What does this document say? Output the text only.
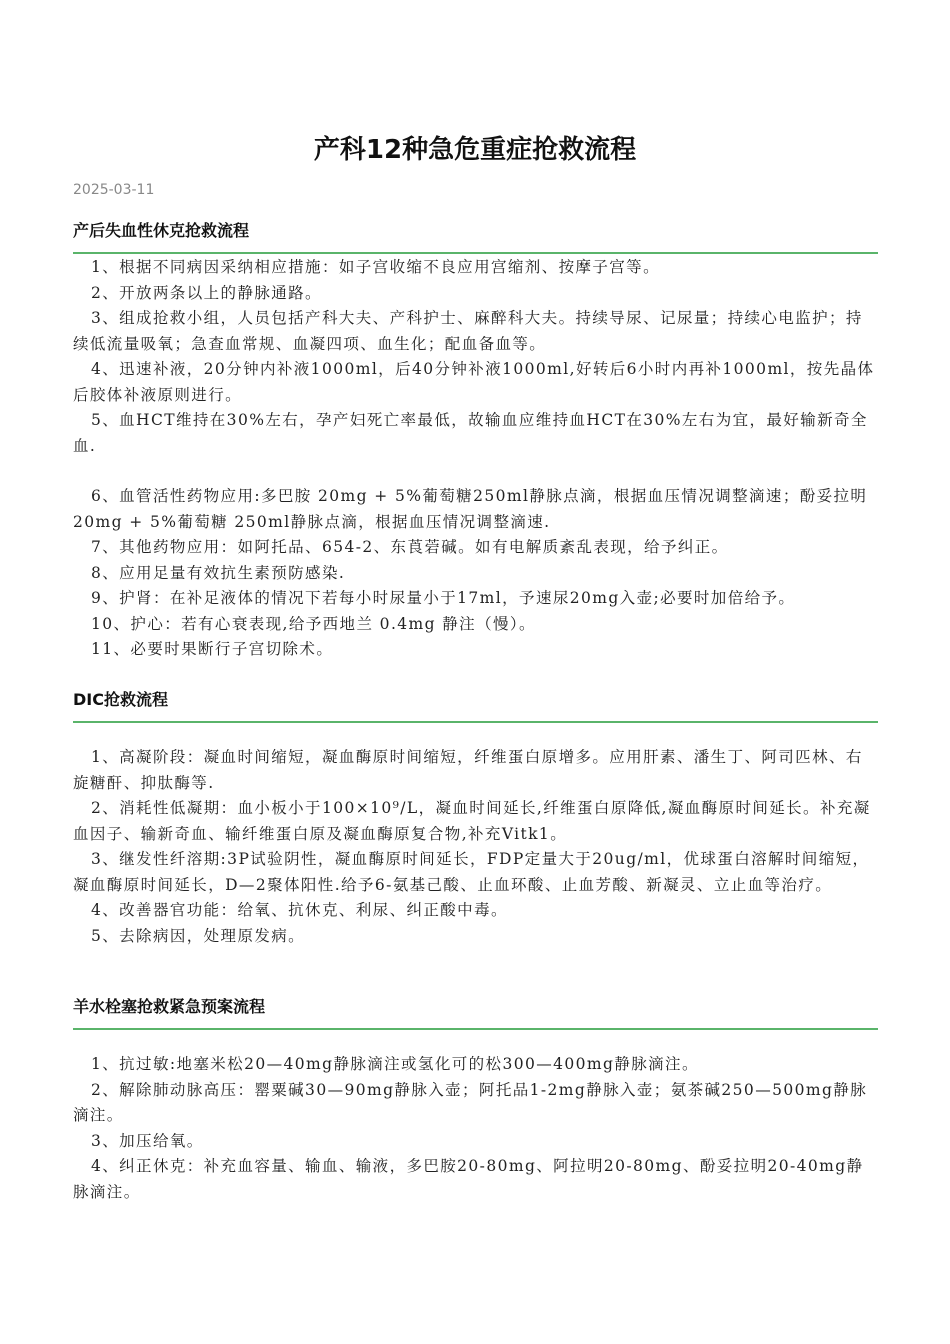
产科12种急危重症抢救流程
2025-03-11
产后失血性休克抢救流程

1、根据不同病因采纳相应措施：如子宫收缩不良应用宫缩剂、按摩子宫等。

2、开放两条以上的静脉通路。

3、组成抢救小组，人员包括产科大夫、产科护士、麻醉科大夫。持续导尿、记尿量；持续心电监护；持续低流量吸氧；急查血常规、血凝四项、血生化；配血备血等。

4、迅速补液，20分钟内补液1000ml，后40分钟补液1000ml,好转后6小时内再补1000ml，按先晶体后胶体补液原则进行。

5、血HCT维持在30%左右，孕产妇死亡率最低，故输血应维持血HCT在30%左右为宜，最好输新奇全血.

6、血管活性药物应用:多巴胺 20mg + 5%葡萄糖250ml静脉点滴，根据血压情况调整滴速；酚妥拉明 20mg + 5%葡萄糖 250ml静脉点滴，根据血压情况调整滴速.

7、其他药物应用：如阿托品、654-2、东莨菪碱。如有电解质紊乱表现，给予纠正。

8、应用足量有效抗生素预防感染.

9、护肾：在补足液体的情况下若每小时尿量小于17ml，予速尿20mg入壶;必要时加倍给予。

10、护心：若有心衰表现,给予西地兰 0.4mg 静注（慢）。

11、必要时果断行子宫切除术。

DIC抢救流程

1、高凝阶段：凝血时间缩短，凝血酶原时间缩短，纤维蛋白原增多。应用肝素、潘生丁、阿司匹林、右旋糖酐、抑肽酶等.

2、消耗性低凝期：血小板小于100×10⁹/L，凝血时间延长,纤维蛋白原降低,凝血酶原时间延长。补充凝血因子、输新奇血、输纤维蛋白原及凝血酶原复合物,补充Vitk1。

3、继发性纤溶期:3P试验阴性，凝血酶原时间延长，FDP定量大于20ug/ml，优球蛋白溶解时间缩短，凝血酶原时间延长，D—2聚体阳性.给予6-氨基己酸、止血环酸、止血芳酸、新凝灵、立止血等治疗。

4、改善器官功能：给氧、抗休克、利尿、纠正酸中毒。

5、去除病因，处理原发病。

羊水栓塞抢救紧急预案流程

1、抗过敏:地塞米松20—40mg静脉滴注或氢化可的松300—400mg静脉滴注。

2、解除肺动脉高压：罂粟碱30—90mg静脉入壶；阿托品1-2mg静脉入壶；氨茶碱250—500mg静脉滴注。

3、加压给氧。

4、纠正休克：补充血容量、输血、输液，多巴胺20-80mg、阿拉明20-80mg、酚妥拉明20-40mg静脉滴注。
